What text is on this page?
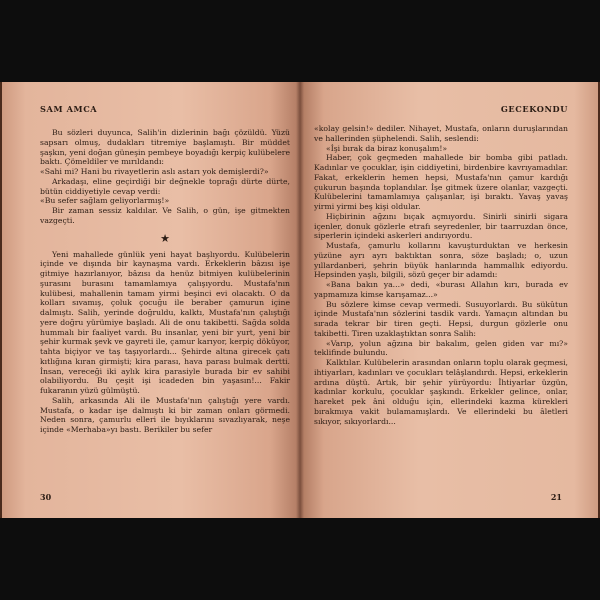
SAM AMCA

Bu sözleri duyunca, Salih'in dizlerinin bağı çözüldü. Yüzü sapsarı olmuş, dudakları titremiye başlamıştı. Bir müddet şaşkın, yeni doğan güneşin pembeye boyadığı kerpiç kulübelere baktı. Çömeldiler ve mırıldandı:

«Sahi mi? Hani bu rivayetlerin aslı astarı yok demişlerdi?»

Arkadaşı, eline geçirdiği bir değnekle toprağı dürte dürte, bütün ciddiyetiyle cevap verdi:

«Bu sefer sağlam geliyorlarmış!»

Bir zaman sessiz kaldılar. Ve Salih, o gün, işe gitmekten vazgeçti.

★

Yeni mahallede günlük yeni hayat başlıyordu. Kulübelerin içinde ve dışında bir kaynaşma vardı. Erkeklerin bâzısı işe gitmiye hazırlanıyor, bâzısı da henüz bitmiyen kulübelerinin şurasını burasını tamamlamıya çalışıyordu. Mustafa'nın kulübesi, mahallenin tamam yirmi beşinci evi olacaktı. O da kolları sıvamış, çoluk çocuğu ile beraber çamurun içine dalmıştı. Salih, yerinde doğruldu, kalktı, Mustafa'nın çalıştığı yere doğru yürümiye başladı. Ali de onu takibetti. Sağda solda hummalı bir faaliyet vardı. Bu insanlar, yeni bir yurt, yeni bir şehir kurmak şevk ve gayreti ile, çamur karıyor, kerpiç döküyor, tahta biçiyor ve taş taşıyorlardı... Şehirde altına girecek çatı kıtlığına kıran girmişti; kira parası, hava parası bulmak dertti. İnsan, vereceği iki aylık kira parasiyle burada bir ev sahibi olabiliyordu. Bu çeşit işi icadeden bin yaşasın!... Fakir fukaranın yüzü gülmüştü.

Salih, arkasında Ali ile Mustafa'nın çalıştığı yere vardı. Mustafa, o kadar işe dalmıştı ki bir zaman onları görmedi. Neden sonra, çamurlu elleri ile bıyıklarını sıvazlıyarak, neşe içinde «Merhaba»yı bastı. Berikiler bu sefer

30
GECEKONDU

«kolay gelsin!» dediler. Nihayet, Mustafa, onların duruşlarından ve hallerinden şüphelendi. Salih, seslendi:

«İşi bırak da biraz konuşalım!»

Haber, çok geçmeden mahallede bir bomba gibi patladı. Kadınlar ve çocuklar, işin ciddiyetini, birdenbire kavrıyamadılar. Fakat, erkeklerin hemen hepsi, Mustafa'nın çamur kardığı çukurun başında toplandılar. İşe gitmek üzere olanlar, vazgeçti. Kulübelerini tamamlamıya çalışanlar, işi bıraktı. Yavaş yavaş yirmi yirmi beş kişi oldular.

Hiçbirinin ağzını bıçak açmıyordu. Sinirli sinirli sigara içenler, donuk gözlerle etrafı seyredenler, bir taarruzdan önce, siperlerin içindeki askerleri andırıyordu.

Mustafa, çamurlu kollarını kavuşturduktan ve herkesin yüzüne ayrı ayrı baktıktan sonra, söze başladı; o, uzun yıllardanberi, şehrin büyük hanlarında hammallık ediyordu. Hepsinden yaşlı, bilgili, sözü geçer bir adamdı:

«Bana bakın ya...» dedi, «burası Allahın kırı, burada ev yapmamıza kimse karışamaz...»

Bu sözlere kimse cevap vermedi. Susuyorlardı. Bu sükûtun içinde Mustafa'nın sözlerini tasdik vardı. Yamaçın altından bu sırada tekrar bir tiren geçti. Hepsi, durgun gözlerle onu takibetti. Tiren uzaklaştıktan sonra Salih:

«Varıp, yolun ağzına bir bakalım, gelen giden var mı?» teklifinde bulundu.

Kalktılar. Kulübelerin arasından onların toplu olarak geçmesi, ihtiyarları, kadınları ve çocukları telâşlandırdı. Hepsi, erkeklerin ardına düştü. Artık, bir şehir yürüyordu: İhtiyarlar üzgün, kadınlar korkulu, çocuklar şaşkındı. Erkekler gelince, onlar, hareket pek âni olduğu için, ellerindeki kazma kürekleri bırakmıya vakit bulamamışlardı. Ve ellerindeki bu âletleri sıkıyor, sıkıyorlardı...

21
